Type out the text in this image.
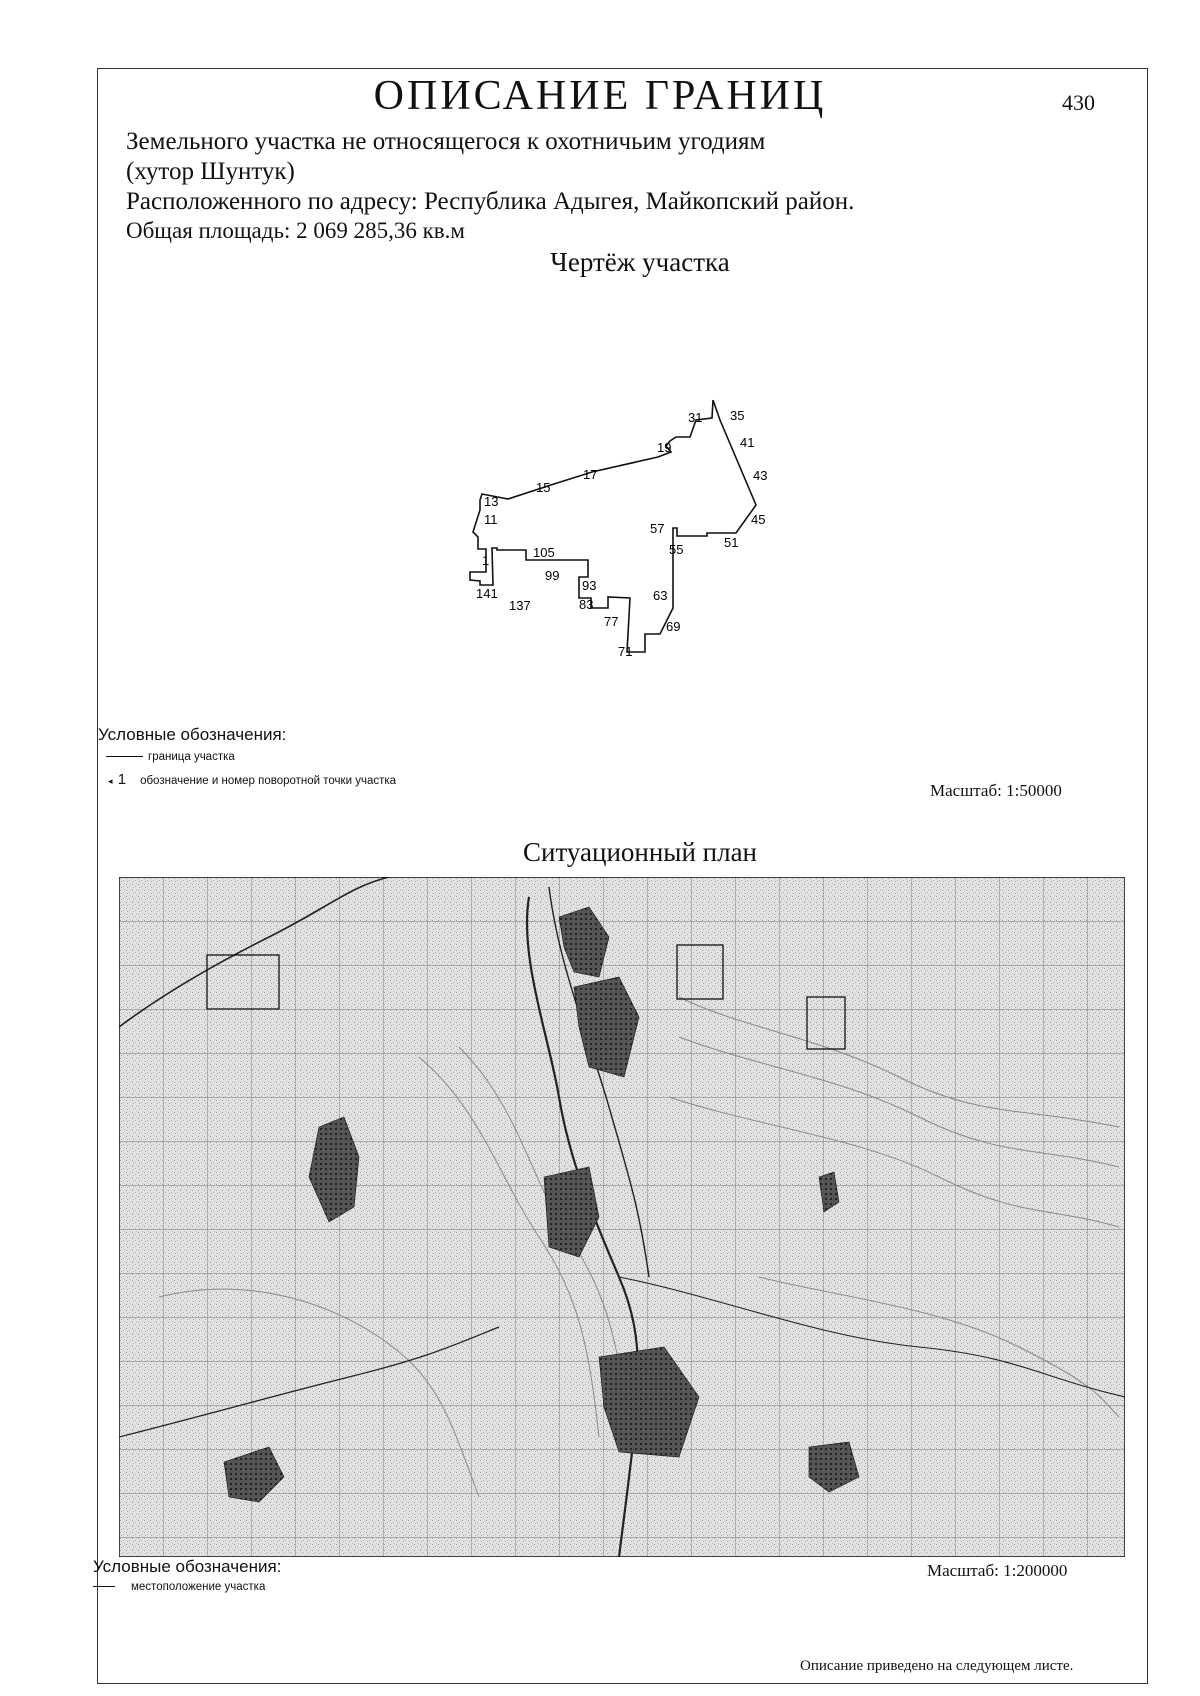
ОПИСАНИЕ ГРАНИЦ	430
Земельного участка не относящегося к охотничьим угодиям
(хутор Шунтук)
Расположенного по адресу: Республика Адыгея, Майкопский район.
Общая площадь: 2 069 285,36 кв.м
Чертёж участка
31 35
41
19
17	43
15
13
11
57
45
51
55
105
99
1
93
141	63
137	83
77	69
71
Условные обозначения:
граница участка
◂ 1 обозначение и номер поворотной точки участка	Масштаб: 1:50000
Ситуационный план
Условные обозначения:
местоположение участка
Масштаб: 1:200000
Описание приведено на следующем листе.
